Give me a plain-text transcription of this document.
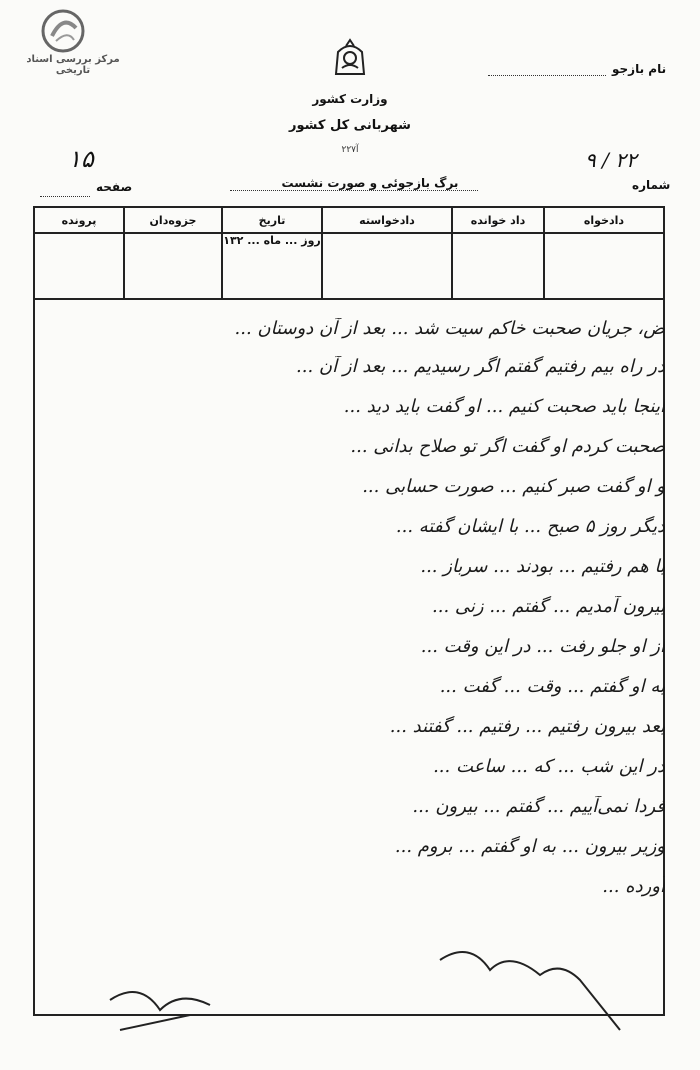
مرکز بررسی اسناد تاریخی
وزارت کشور
شهربانی کل کشور
آ۲۲۷
نام بازجو
۹ / ۲۲
شماره
برگ بازجوئی و صورت نشست
۱۵
صفحه
دادخواه	داد خوانده	دادخواسته	تاریخ	جزوه‌دان	پرونده
			روز ... ماه ... ۱۳۲		
ض، جریان صحبت خاکم سیت شد ... بعد از آن دوستان ...
در راه بیم رفتیم گفتم اگر رسیدیم ... بعد از آن ...
اینجا باید صحبت کنیم ... او گفت باید دید ...
صحبت کردم او گفت اگر تو صلاح بدانی ...
و او گفت صبر کنیم ... صورت حسابی ...
دیگر روز ۵ صبح ... با ایشان گفته ...
با هم رفتیم ... بودند ... سرباز ...
بیرون آمدیم ... گفتم ... زنی ...
از او جلو رفت ... در این وقت ...
به او گفتم ... وقت ... گفت ...
بعد بیرون رفتیم ... رفتیم ... گفتند ...
در این شب ... که ... ساعت ...
فردا نمی‌آییم ... گفتم ... بیرون ...
وزیر بیرون ... به او گفتم ... بروم ...
آورده ...
